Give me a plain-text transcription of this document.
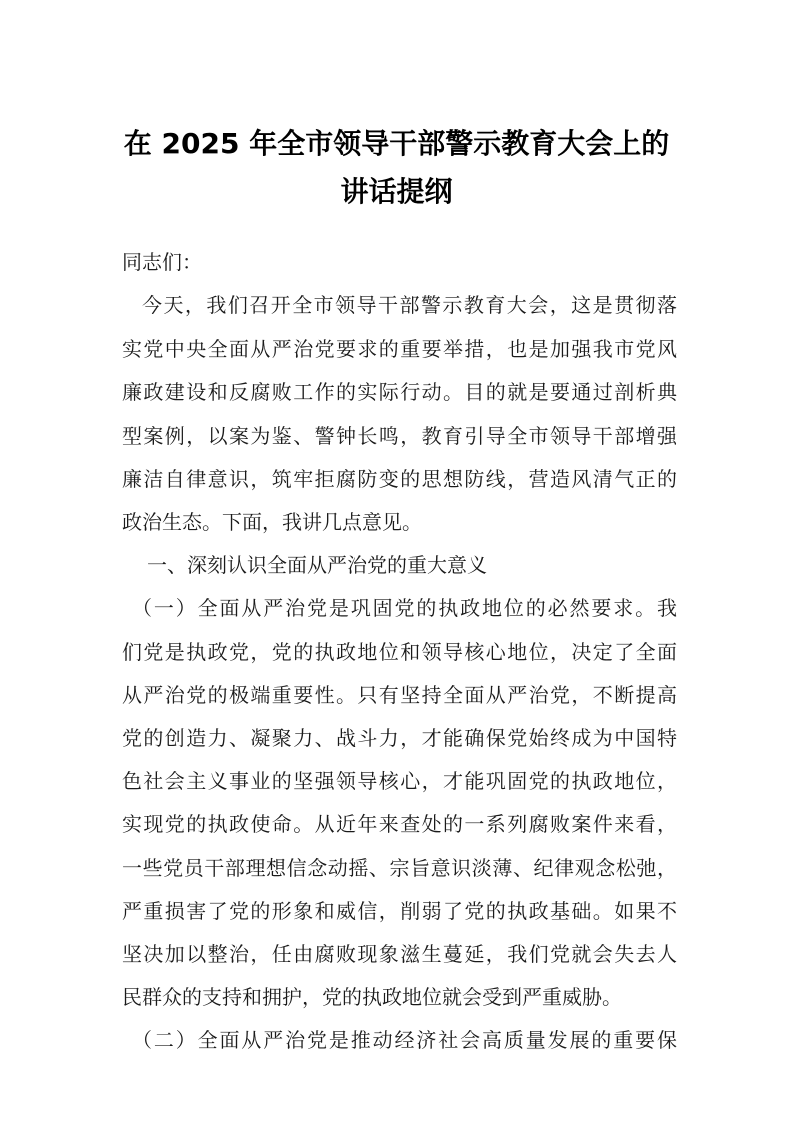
在 2025 年全市领导干部警示教育大会上的
讲话提纲
同志们：
今天，我们召开全市领导干部警示教育大会，这是贯彻落
实党中央全面从严治党要求的重要举措，也是加强我市党风
廉政建设和反腐败工作的实际行动。目的就是要通过剖析典
型案例，以案为鉴、警钟长鸣，教育引导全市领导干部增强
廉洁自律意识，筑牢拒腐防变的思想防线，营造风清气正的
政治生态。下面，我讲几点意见。
一、深刻认识全面从严治党的重大意义
（一）全面从严治党是巩固党的执政地位的必然要求。我
们党是执政党，党的执政地位和领导核心地位，决定了全面
从严治党的极端重要性。只有坚持全面从严治党，不断提高
党的创造力、凝聚力、战斗力，才能确保党始终成为中国特
色社会主义事业的坚强领导核心，才能巩固党的执政地位，
实现党的执政使命。从近年来查处的一系列腐败案件来看，
一些党员干部理想信念动摇、宗旨意识淡薄、纪律观念松弛，
严重损害了党的形象和威信，削弱了党的执政基础。如果不
坚决加以整治，任由腐败现象滋生蔓延，我们党就会失去人
民群众的支持和拥护，党的执政地位就会受到严重威胁。
（二）全面从严治党是推动经济社会高质量发展的重要保
